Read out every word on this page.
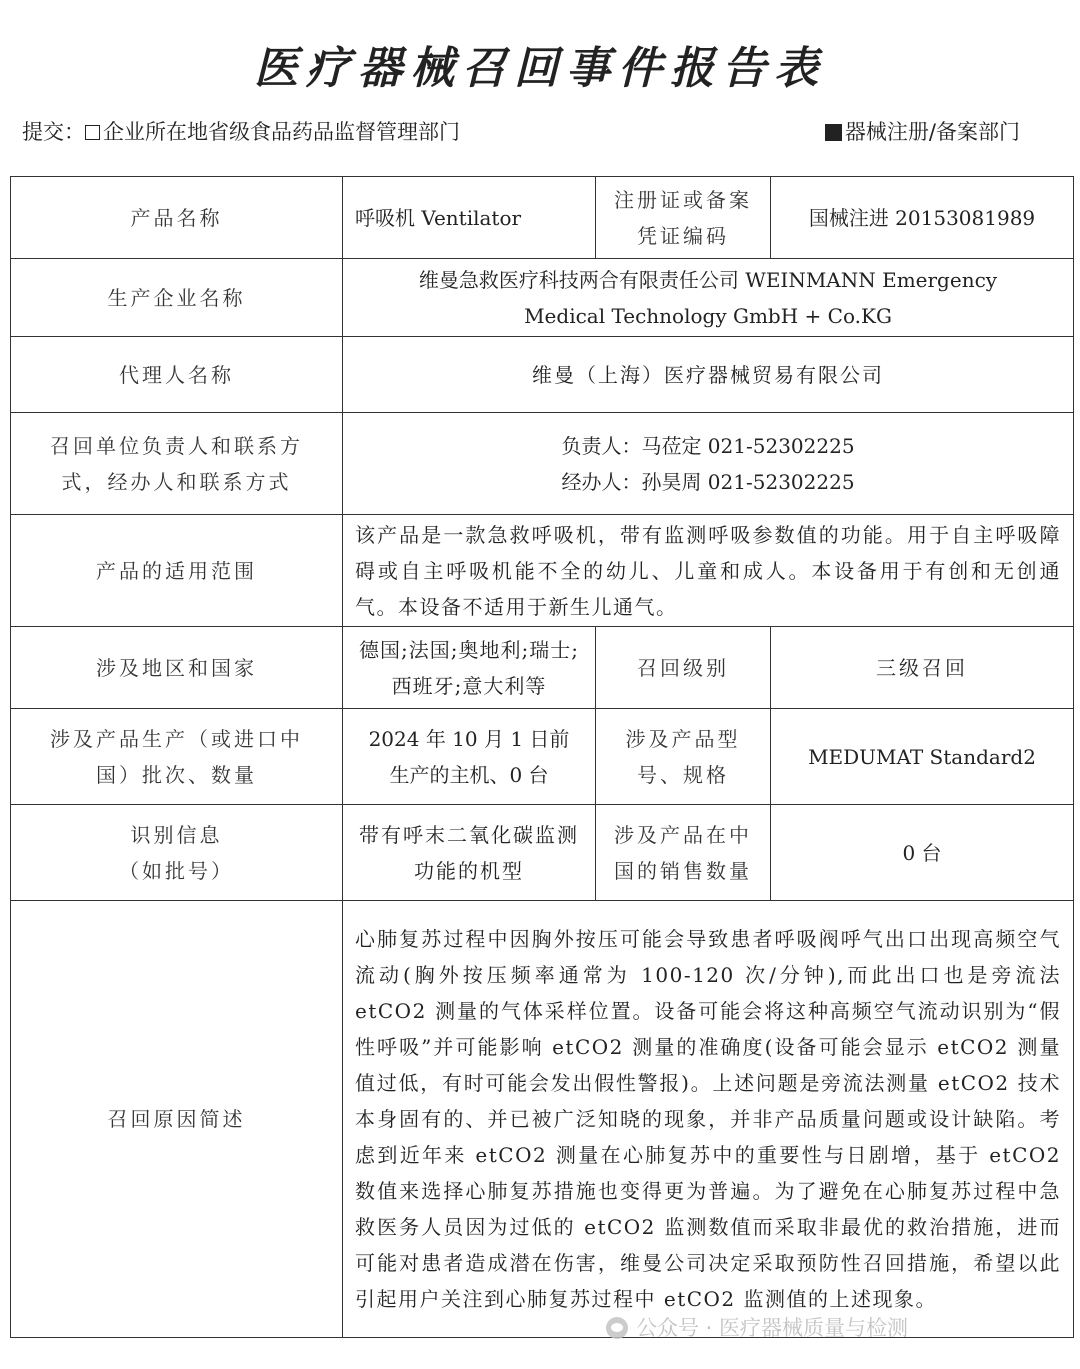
医疗器械召回事件报告表
提交： 企业所在地省级食品药品监督管理部门	器械注册/备案部门
产品名称	呼吸机 Ventilator	注册证或备案凭证编码	国械注进 20153081989
生产企业名称	维曼急救医疗科技两合有限责任公司 WEINMANN Emergency
Medical Technology GmbH + Co.KG		

代理人名称	维曼（上海）医疗器械贸易有限公司		
召回单位负责人和联系方式，经办人和联系方式	负责人：马莅定 021-52302225
经办人：孙昊周 021-52302225		

产品的适用范围	该产品是一款急救呼吸机，带有监测呼吸参数值的功能。用于自主呼吸障碍或自主呼吸机能不全的幼儿、儿童和成人。本设备用于有创和无创通气。本设备不适用于新生儿通气。		
涉及地区和国家	德国;法国;奥地利;瑞士;西班牙;意大利等	召回级别	三级召回
涉及产品生产（或进口中国）批次、数量	2024 年 10 月 1 日前生产的主机、0 台	涉及产品型号、规格	MEDUMAT Standard2

识别信息
（如批号）	带有呼末二氧化碳监测功能的机型	涉及产品在中国的销售数量	0 台
召回原因简述	心肺复苏过程中因胸外按压可能会导致患者呼吸阀呼气出口出现高频空气流动(胸外按压频率通常为 100-120 次/分钟),而此出口也是旁流法 etCO2 测量的气体采样位置。设备可能会将这种高频空气流动识别为“假性呼吸”并可能影响 etCO2 测量的准确度(设备可能会显示 etCO2 测量值过低，有时可能会发出假性警报)。上述问题是旁流法测量 etCO2 技术本身固有的、并已被广泛知晓的现象，并非产品质量问题或设计缺陷。考虑到近年来 etCO2 测量在心肺复苏中的重要性与日剧增，基于 etCO2 数值来选择心肺复苏措施也变得更为普遍。为了避免在心肺复苏过程中急救医务人员因为过低的 etCO2 监测数值而采取非最优的救治措施，进而可能对患者造成潜在伤害，维曼公司决定采取预防性召回措施，希望以此引起用户关注到心肺复苏过程中 etCO2 监测值的上述现象。		
公众号 · 医疗器械质量与检测
